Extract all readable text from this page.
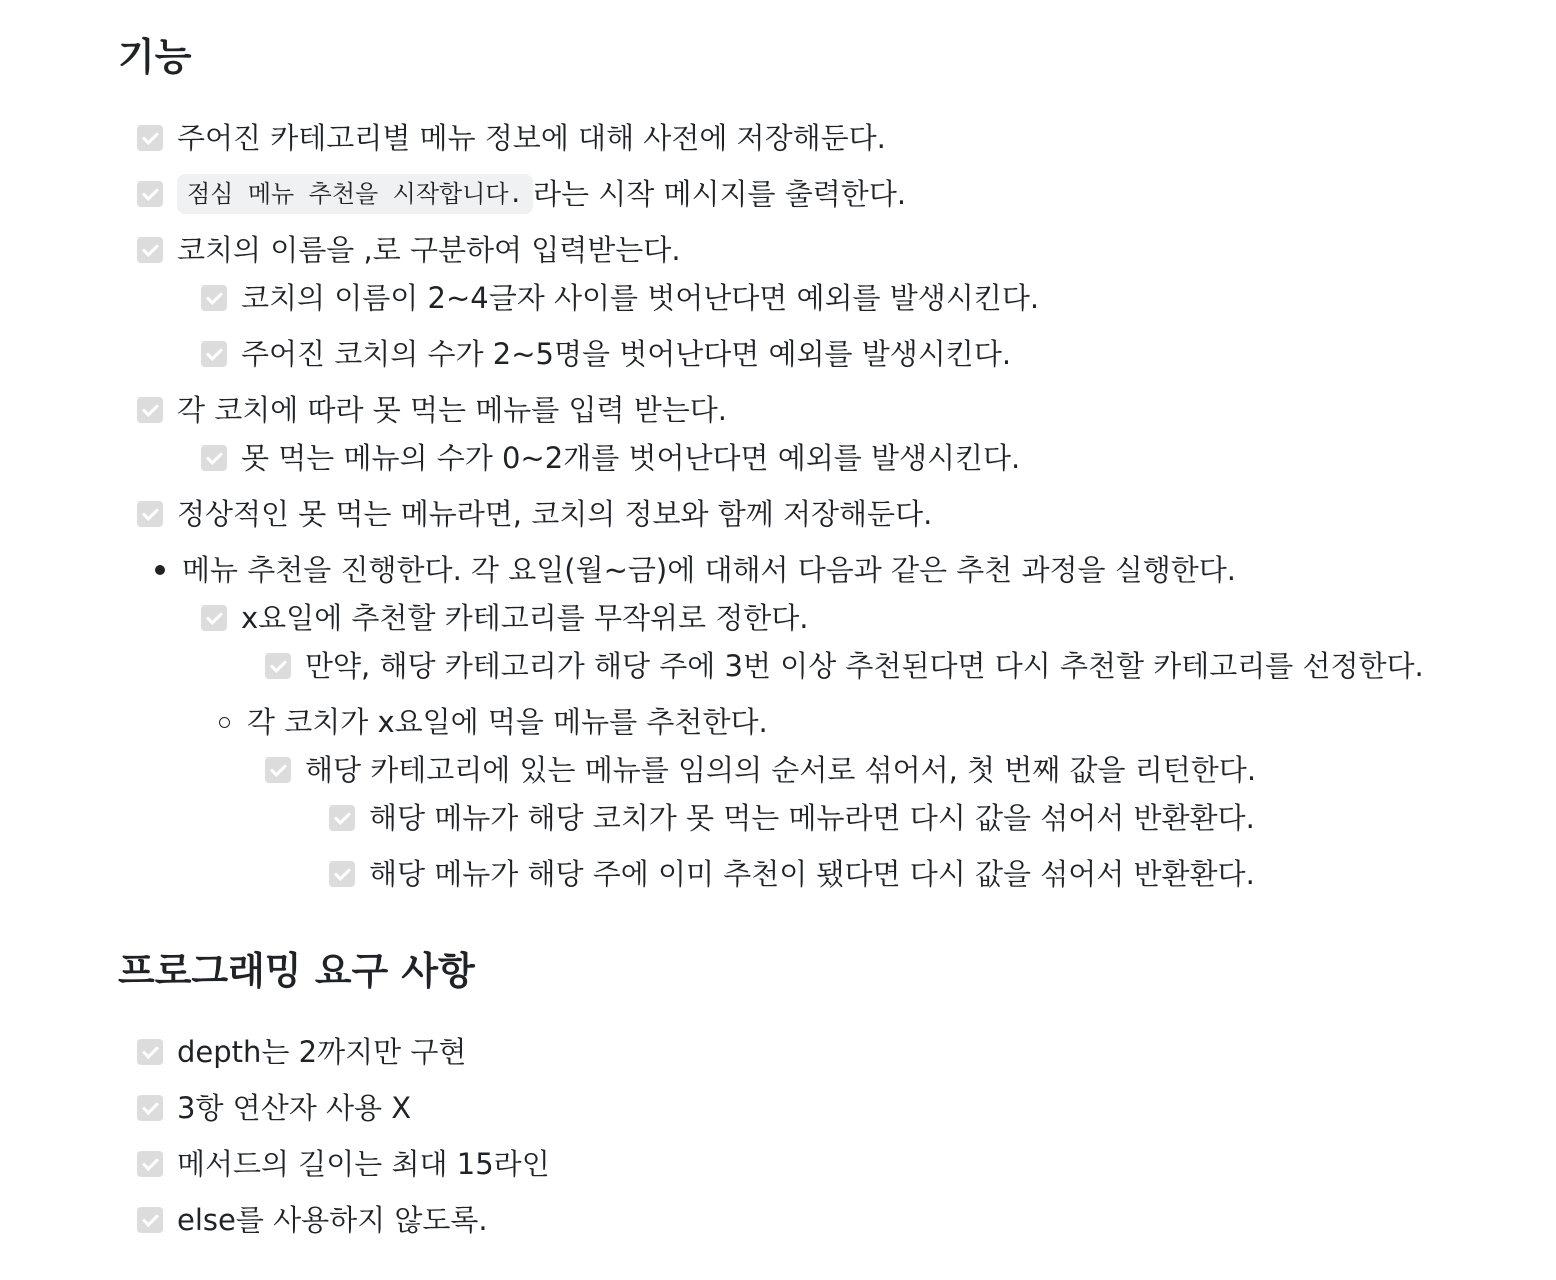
기능
주어진 카테고리별 메뉴 정보에 대해 사전에 저장해둔다.
점심 메뉴 추천을 시작합니다. 라는 시작 메시지를 출력한다.
코치의 이름을 ,로 구분하여 입력받는다.
코치의 이름이 2~4글자 사이를 벗어난다면 예외를 발생시킨다.
주어진 코치의 수가 2~5명을 벗어난다면 예외를 발생시킨다.
각 코치에 따라 못 먹는 메뉴를 입력 받는다.
못 먹는 메뉴의 수가 0~2개를 벗어난다면 예외를 발생시킨다.
정상적인 못 먹는 메뉴라면, 코치의 정보와 함께 저장해둔다.
메뉴 추천을 진행한다. 각 요일(월~금)에 대해서 다음과 같은 추천 과정을 실행한다.
x요일에 추천할 카테고리를 무작위로 정한다.
만약, 해당 카테고리가 해당 주에 3번 이상 추천된다면 다시 추천할 카테고리를 선정한다.
각 코치가 x요일에 먹을 메뉴를 추천한다.
해당 카테고리에 있는 메뉴를 임의의 순서로 섞어서, 첫 번째 값을 리턴한다.
해당 메뉴가 해당 코치가 못 먹는 메뉴라면 다시 값을 섞어서 반환환다.
해당 메뉴가 해당 주에 이미 추천이 됐다면 다시 값을 섞어서 반환환다.
프로그래밍 요구 사항
depth는 2까지만 구현
3항 연산자 사용 X
메서드의 길이는 최대 15라인
else를 사용하지 않도록.
